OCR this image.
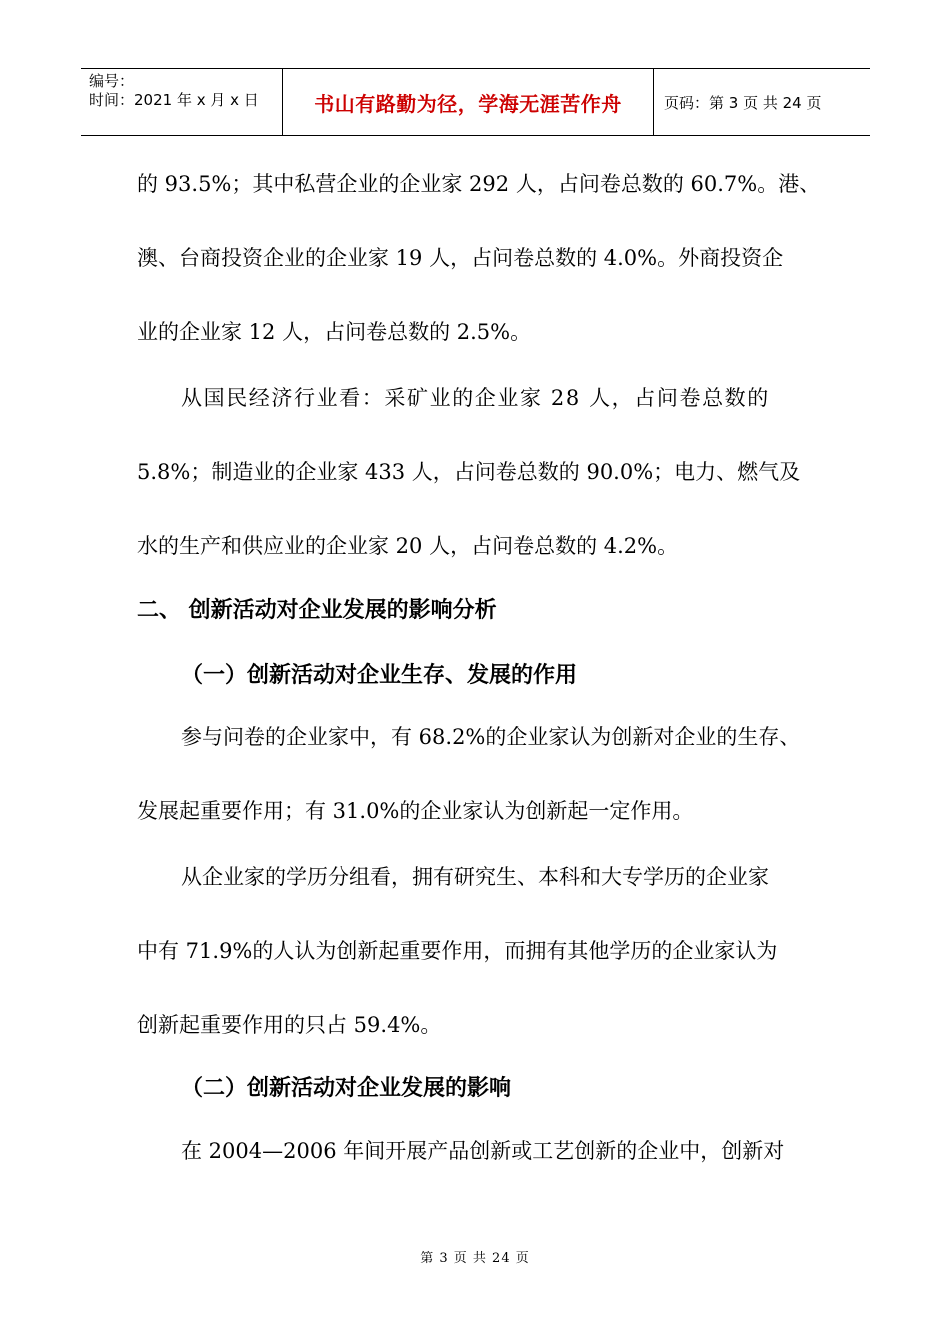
编号：
时间：2021 年 x 月 x 日	书山有路勤为径，学海无涯苦作舟	页码：第 3 页 共 24 页
的 93.5%；其中私营企业的企业家 292 人，占问卷总数的 60.7%。港、
澳、台商投资企业的企业家 19 人，占问卷总数的 4.0%。外商投资企
业的企业家 12 人，占问卷总数的 2.5%。
从国民经济行业看：采矿业的企业家 28 人，占问卷总数的
5.8%；制造业的企业家 433 人，占问卷总数的 90.0%；电力、燃气及
水的生产和供应业的企业家 20 人，占问卷总数的 4.2%。
二、 创新活动对企业发展的影响分析
（一）创新活动对企业生存、发展的作用
参与问卷的企业家中，有 68.2%的企业家认为创新对企业的生存、
发展起重要作用；有 31.0%的企业家认为创新起一定作用。
从企业家的学历分组看，拥有研究生、本科和大专学历的企业家
中有 71.9%的人认为创新起重要作用，而拥有其他学历的企业家认为
创新起重要作用的只占 59.4%。
（二）创新活动对企业发展的影响
在 2004—2006 年间开展产品创新或工艺创新的企业中，创新对
第 3 页 共 24 页
